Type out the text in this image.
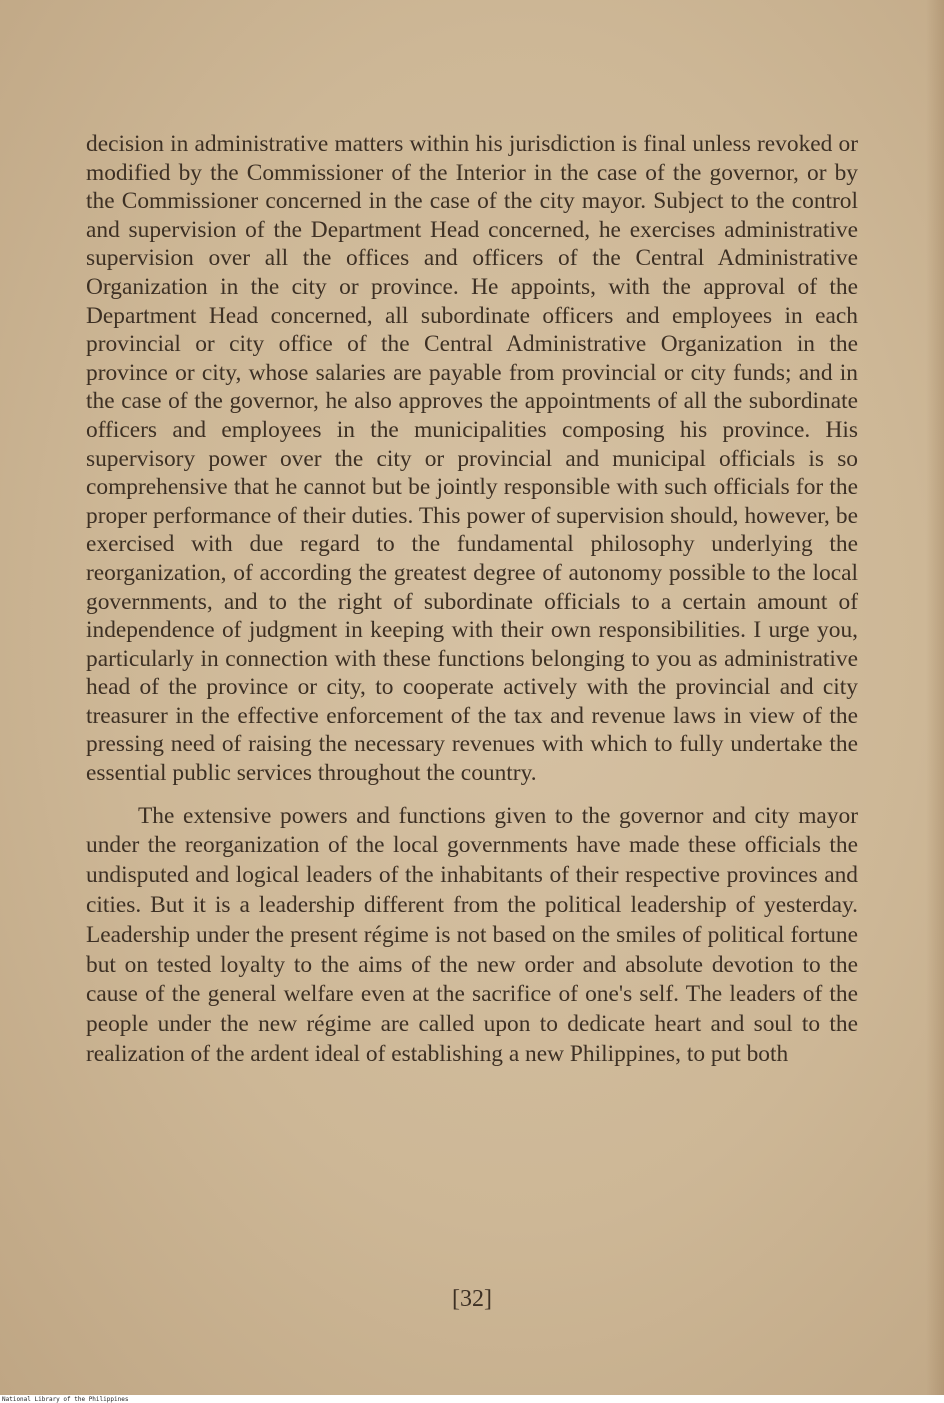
decision in administrative matters within his jurisdiction is final unless revoked or modified by the Commissioner of the Interior in the case of the governor, or by the Commissioner concerned in the case of the city mayor. Subject to the control and supervision of the Department Head concerned, he exercises administrative supervision over all the offices and officers of the Central Administrative Organization in the city or province. He appoints, with the approval of the Department Head concerned, all subordinate officers and employees in each provincial or city office of the Central Administrative Organization in the province or city, whose salaries are payable from provincial or city funds; and in the case of the governor, he also approves the appointments of all the subordinate officers and employees in the municipalities composing his province. His supervisory power over the city or provincial and municipal officials is so comprehensive that he cannot but be jointly responsible with such officials for the proper performance of their duties. This power of supervision should, however, be exercised with due regard to the fundamental philosophy underlying the reorganization, of according the greatest degree of autonomy possible to the local governments, and to the right of subordinate officials to a certain amount of independence of judgment in keeping with their own responsibilities. I urge you, particularly in connection with these functions belonging to you as administrative head of the province or city, to cooperate actively with the provincial and city treasurer in the effective enforcement of the tax and revenue laws in view of the pressing need of raising the necessary revenues with which to fully undertake the essential public services throughout the country.

The extensive powers and functions given to the governor and city mayor under the reorganization of the local governments have made these officials the undisputed and logical leaders of the inhabitants of their respective provinces and cities. But it is a leadership different from the political leadership of yesterday. Leadership under the present régime is not based on the smiles of political fortune but on tested loyalty to the aims of the new order and absolute devotion to the cause of the general welfare even at the sacrifice of one's self. The leaders of the people under the new régime are called upon to dedicate heart and soul to the realization of the ardent ideal of establishing a new Philippines, to put both

[32]
National Library of the Philippines
